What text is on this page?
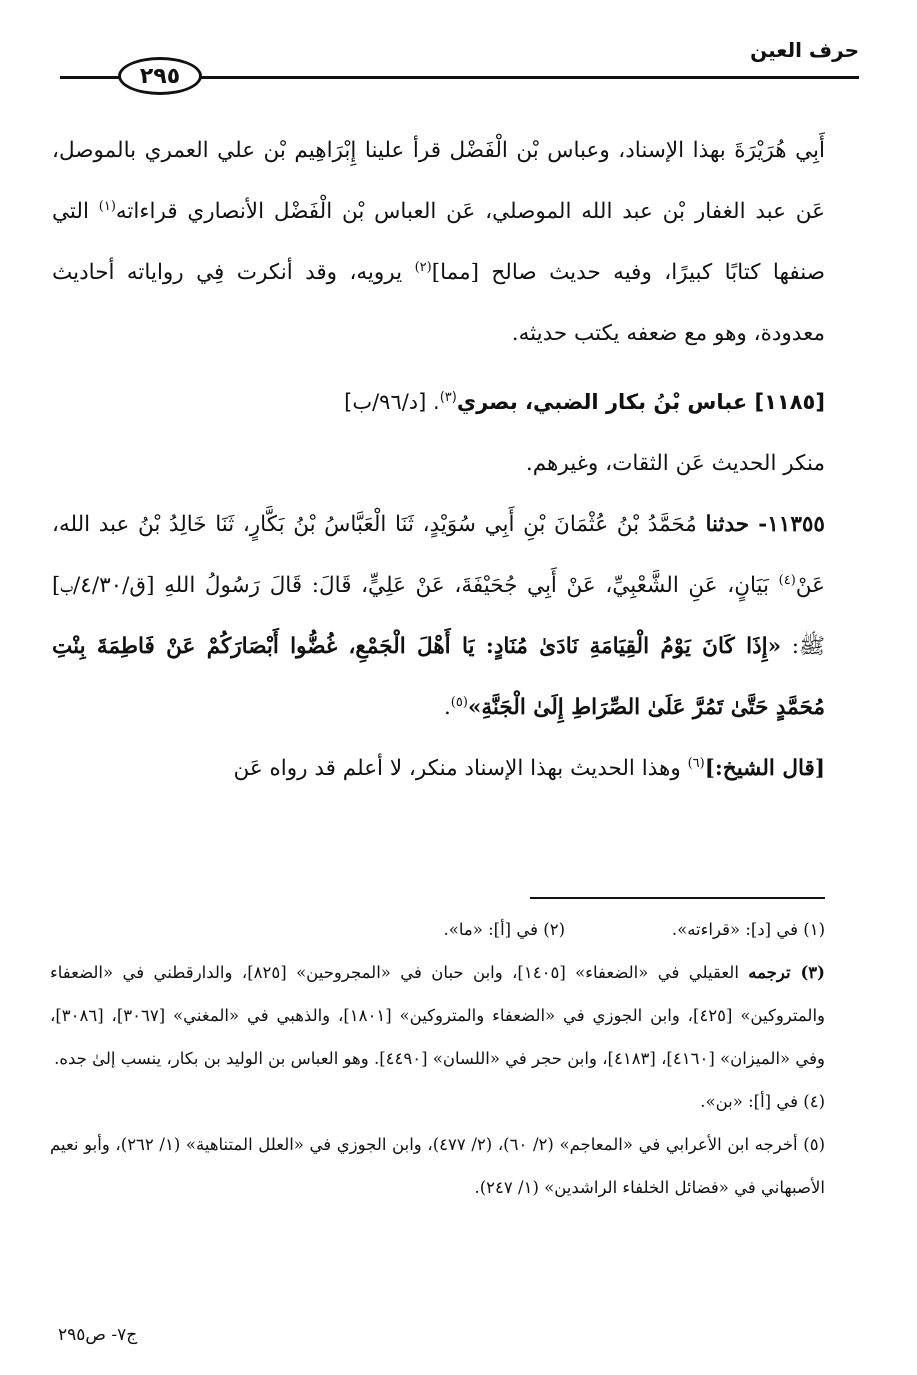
حرف العين
٢٩٥

أَبِي هُرَيْرَةَ بهذا الإسناد، وعباس بْن الْفَضْل قرأ علينا إِبْرَاهِيم بْن علي العمري بالموصل، عَن عبد الغفار بْن عبد الله الموصلي، عَن العباس بْن الْفَضْل الأنصاري قراءاته$^{(١)}$ التي صنفها كتابًا كبيرًا، وفيه حديث صالح [مما]$^{(٢)}$ يرويه، وقد أنكرت فِي رواياته أحاديث معدودة، وهو مع ضعفه يكتب حديثه.

[١١٨٥] عباس بْنُ بكار الضبي، بصري$^{(٣)}$. [د/٩٦/ب]

منكر الحديث عَن الثقات، وغيرهم.

١١٣٥٥- حدثنا مُحَمَّدُ بْنُ عُثْمَانَ بْنِ أَبِي سُوَيْدٍ، ثَنَا الْعَبَّاسُ بْنُ بَكَّارٍ، ثَنَا خَالِدُ بْنُ عبد الله، عَنْ$^{(٤)}$ بَيَانٍ، عَنِ الشَّعْبِيِّ، عَنْ أَبِي جُحَيْفَةَ، عَنْ عَلِيٍّ، قَالَ: قَالَ رَسُولُ اللهِ [ق/٤/٣٠/ب] ﷺ: «إِذَا كَانَ يَوْمُ الْقِيَامَةِ نَادَىٰ مُنَادٍ: يَا أَهْلَ الْجَمْعِ، غُضُّوا أَبْصَارَكُمْ عَنْ فَاطِمَةَ بِنْتِ مُحَمَّدٍ حَتَّىٰ تَمُرَّ عَلَىٰ الصِّرَاطِ إِلَىٰ الْجَنَّةِ»$^{(٥)}$.

[قال الشيخ:]$^{(٦)}$ وهذا الحديث بهذا الإسناد منكر، لا أعلم قد رواه عَن

(١) في [د]: «قراءته».
(٢) في [أ]: «ما».

(٣) ترجمه العقيلي في «الضعفاء» [١٤٠٥]، وابن حبان في «المجروحين» [٨٢٥]، والدارقطني في «الضعفاء والمتروكين» [٤٢٥]، وابن الجوزي في «الضعفاء والمتروكين» [١٨٠١]، والذهبي في «المغني» [٣٠٦٧]، [٣٠٨٦]، وفي «الميزان» [٤١٦٠]، [٤١٨٣]، وابن حجر في «اللسان» [٤٤٩٠]. وهو العباس بن الوليد بن بكار، ينسب إلىٰ جده.

(٤) في [أ]: «بن».

(٥) أخرجه ابن الأعرابي في «المعاجم» (٢/ ٦٠)، (٢/ ٤٧٧)، وابن الجوزي في «العلل المتناهية» (١/ ٢٦٢)، وأبو نعيم الأصبهاني في «فضائل الخلفاء الراشدين» (١/ ٢٤٧).

ج٧- ص٢٩٥
